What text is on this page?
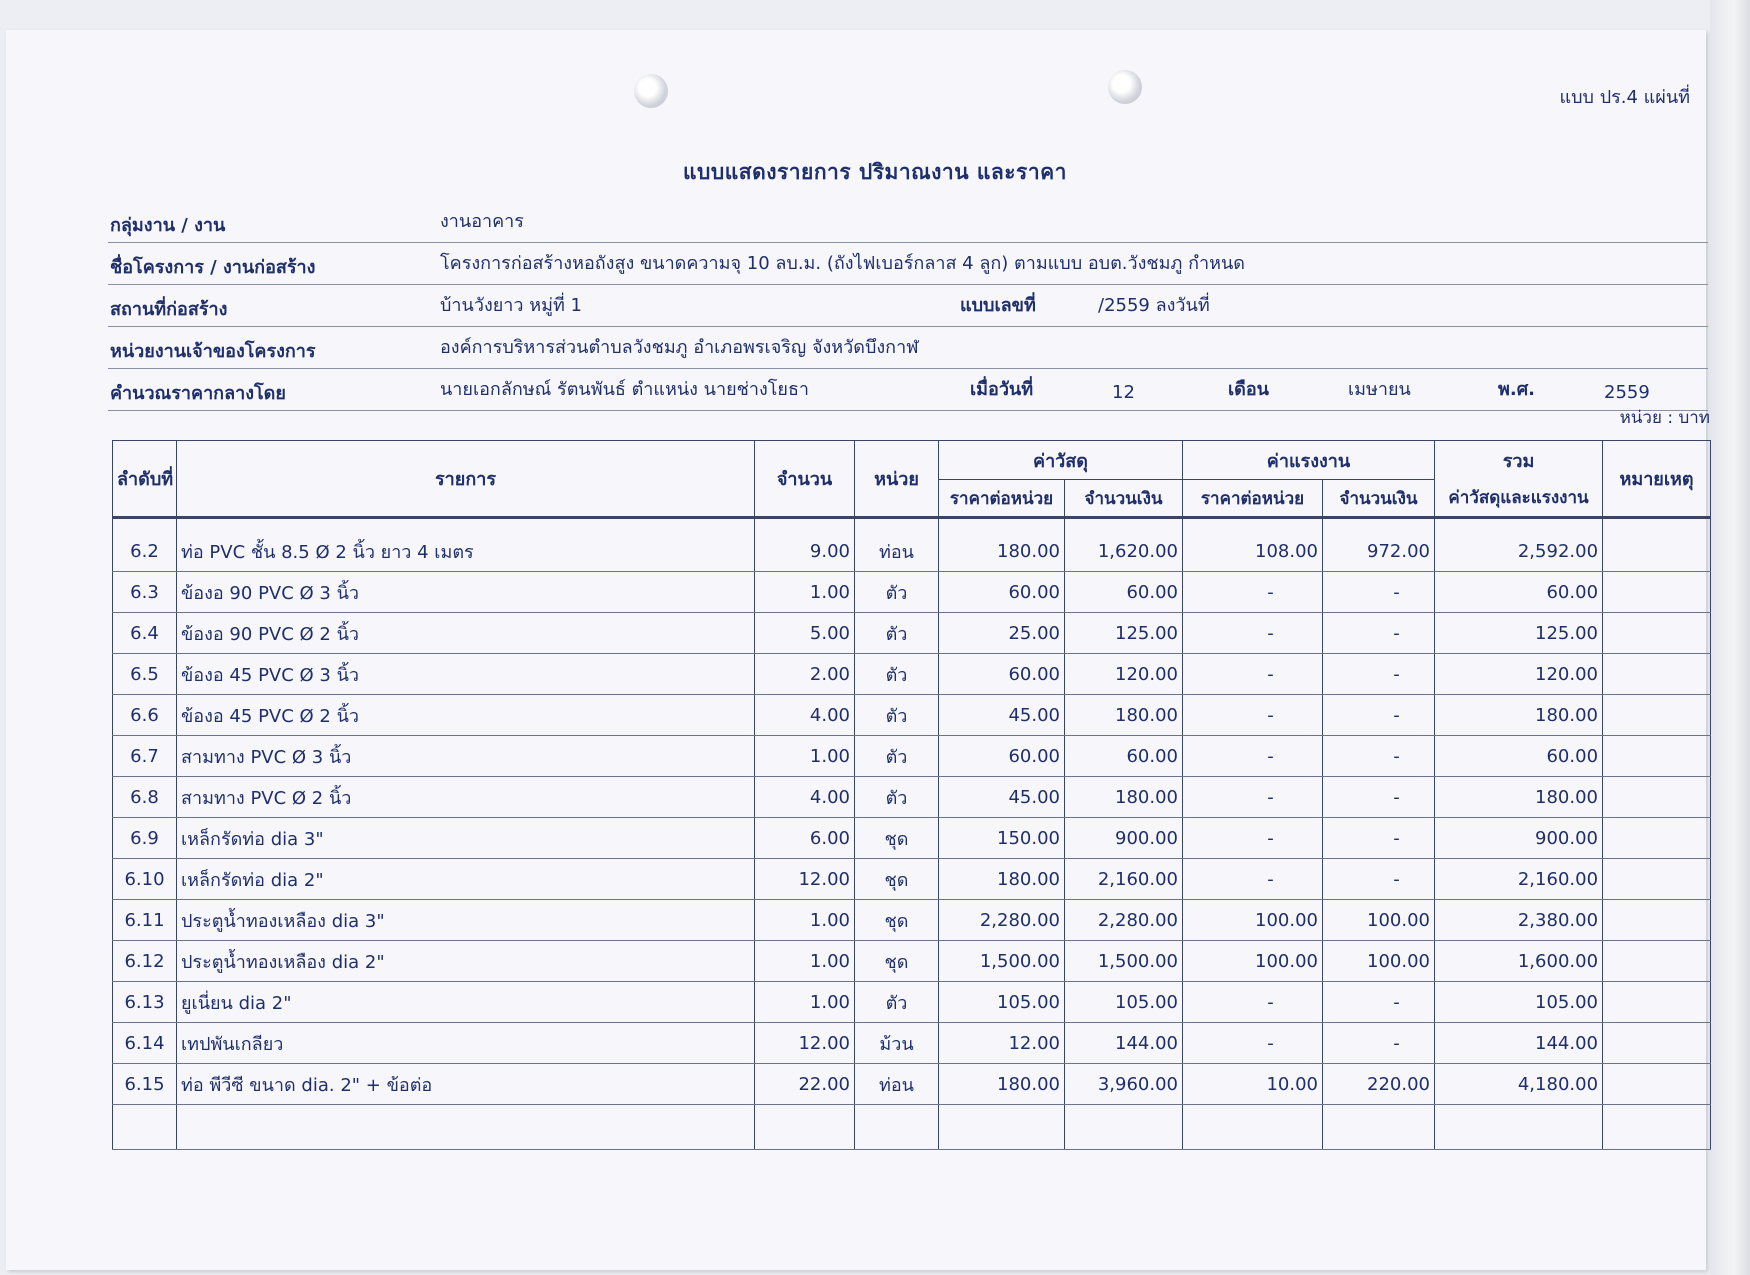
แบบ ปร.4 แผ่นที่
แบบแสดงรายการ ปริมาณงาน และราคา
กลุ่มงาน / งาน	งานอาคาร
ชื่อโครงการ / งานก่อสร้าง	โครงการก่อสร้างหอถังสูง ขนาดความจุ 10 ลบ.ม. (ถังไฟเบอร์กลาส 4 ลูก) ตามแบบ อบต.วังชมภู กำหนด
สถานที่ก่อสร้าง	บ้านวังยาว หมู่ที่ 1	แบบเลขที่	/2559 ลงวันที่
หน่วยงานเจ้าของโครงการ	องค์การบริหารส่วนตำบลวังชมภู อำเภอพรเจริญ จังหวัดบึงกาฬ
คำนวณราคากลางโดย	นายเอกลักษณ์ รัตนพันธ์ ตำแหน่ง นายช่างโยธา	เมื่อวันที่	12	เดือน	เมษายน	พ.ศ.	2559
หน่วย : บาท
ลำดับที่	รายการ	จำนวน	หน่วย	ค่าวัสดุ		ค่าแรงงาน		รวม	หมายเหตุ
				ราคาต่อหน่วย	จำนวนเงิน	ราคาต่อหน่วย	จำนวนเงิน	ค่าวัสดุและแรงงาน	

6.2	ท่อ PVC ชั้น 8.5 Ø 2 นิ้ว ยาว 4 เมตร	9.00	ท่อน	180.00	1,620.00	108.00	972.00	2,592.00	
6.3	ข้องอ 90 PVC Ø 3 นิ้ว	1.00	ตัว	60.00	60.00	-	-	60.00	
6.4	ข้องอ 90 PVC Ø 2 นิ้ว	5.00	ตัว	25.00	125.00	-	-	125.00	
6.5	ข้องอ 45 PVC Ø 3 นิ้ว	2.00	ตัว	60.00	120.00	-	-	120.00	
6.6	ข้องอ 45 PVC Ø 2 นิ้ว	4.00	ตัว	45.00	180.00	-	-	180.00	
6.7	สามทาง PVC Ø 3 นิ้ว	1.00	ตัว	60.00	60.00	-	-	60.00	
6.8	สามทาง PVC Ø 2 นิ้ว	4.00	ตัว	45.00	180.00	-	-	180.00	
6.9	เหล็กรัดท่อ dia 3"	6.00	ชุด	150.00	900.00	-	-	900.00	
6.10	เหล็กรัดท่อ dia 2"	12.00	ชุด	180.00	2,160.00	-	-	2,160.00	
6.11	ประตูน้ำทองเหลือง dia 3"	1.00	ชุด	2,280.00	2,280.00	100.00	100.00	2,380.00	
6.12	ประตูน้ำทองเหลือง dia 2"	1.00	ชุด	1,500.00	1,500.00	100.00	100.00	1,600.00	
6.13	ยูเนี่ยน dia 2"	1.00	ตัว	105.00	105.00	-	-	105.00	
6.14	เทปพันเกลียว	12.00	ม้วน	12.00	144.00	-	-	144.00	
6.15	ท่อ พีวีซี ขนาด dia. 2" + ข้อต่อ	22.00	ท่อน	180.00	3,960.00	10.00	220.00	4,180.00	
